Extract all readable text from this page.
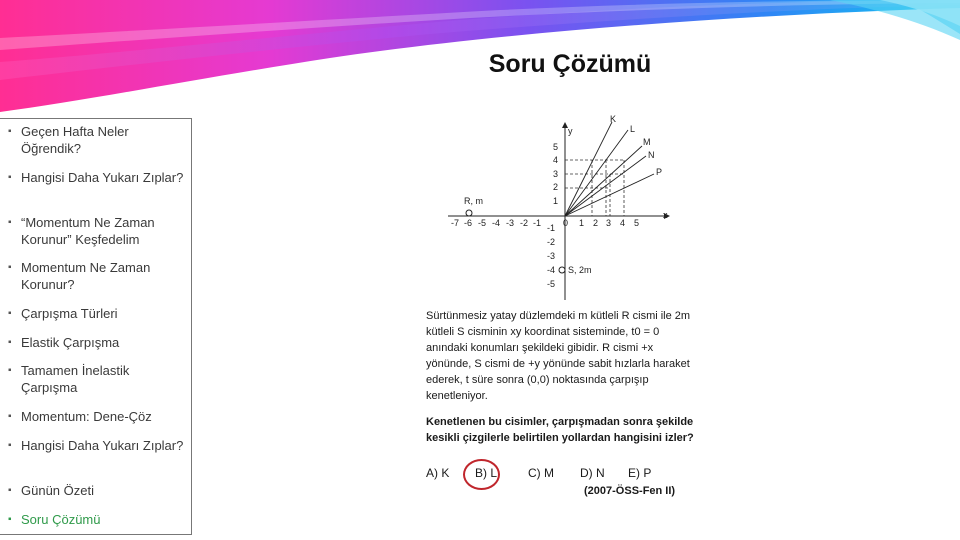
Soru Çözümü
▪ Geçen Hafta Neler Öğrendik?
▪ Hangisi Daha Yukarı Zıplar?
▪ “Momentum Ne Zaman Korunur” Keşfedelim
▪ Momentum Ne Zaman Korunur?
▪ Çarpışma Türleri
▪ Elastik Çarpışma
▪ Tamamen İnelastik Çarpışma
▪ Momentum: Dene-Çöz
▪ Hangisi Daha Yukarı Zıplar?
▪ Günün Özeti
▪ Soru Çözümü
x
y
-7 -6 -5 -4 -3 -2 -1 0 1 2 3 4 5
5
4
3
2
1
-1
-2
-3
-4
-5
K
L
M
N
P
R, m
S, 2m
Sürtünmesiz yatay düzlemdeki m kütleli R cismi ile 2m kütleli S cisminin xy koordinat sisteminde, t0 = 0 anındaki konumları şekildeki gibidir. R cismi +x yönünde, S cismi de +y yönünde sabit hızlarla haraket ederek, t süre sonra (0,0) noktasında çarpışıp kenetleniyor.
Kenetlenen bu cisimler, çarpışmadan sonra şekilde kesikli çizgilerle belirtilen yollardan hangisini izler?
A) K B) L	C) M D) N E) P
(2007-ÖSS-Fen II)
